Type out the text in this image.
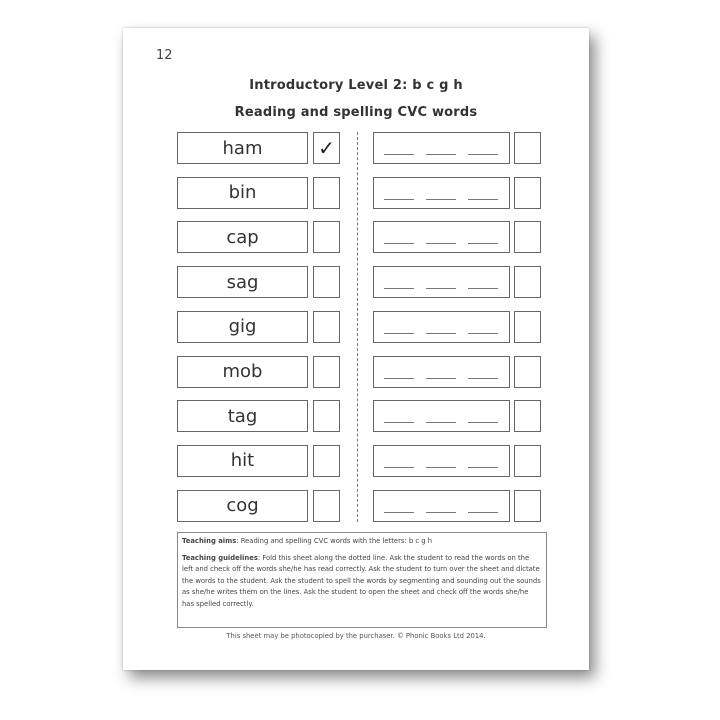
12
Introductory Level 2: b c g h
Reading and spelling CVC words
ham	✓
bin
cap
sag
gig
mob
tag
hit
cog

Teaching aims: Reading and spelling CVC words with the letters: b c g h

Teaching guidelines: Fold this sheet along the dotted line. Ask the student to read the words on the left and check off the words she/he has read correctly. Ask the student to turn over the sheet and dictate the words to the student. Ask the student to spell the words by segmenting and sounding out the sounds as she/he writes them on the lines. Ask the student to open the sheet and check off the words she/he has spelled correctly.

This sheet may be photocopied by the purchaser. © Phonic Books Ltd 2014.
